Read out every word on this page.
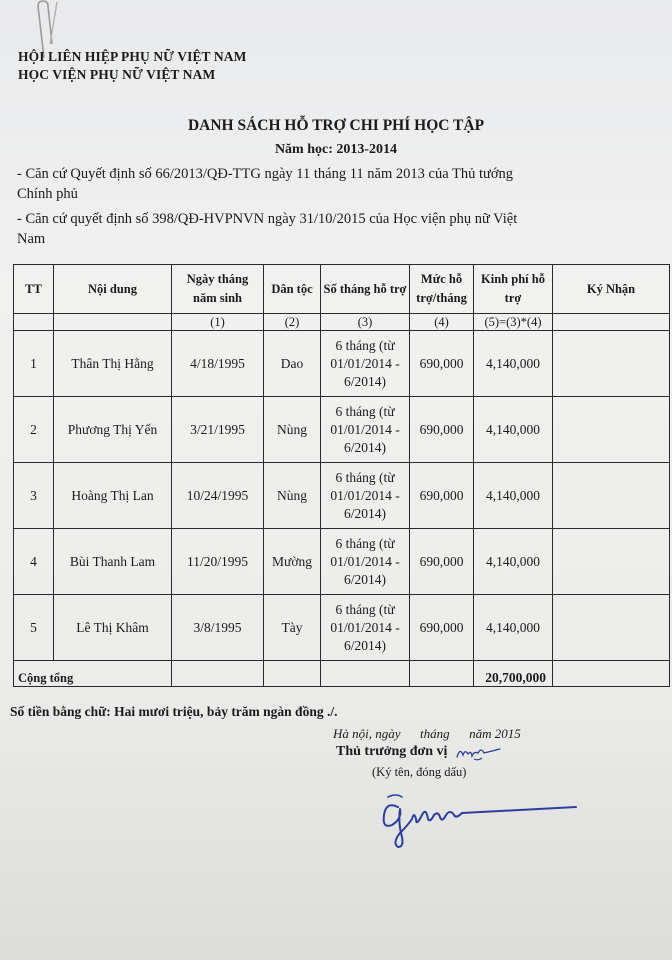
HỘI LIÊN HIỆP PHỤ NỮ VIỆT NAM
HỌC VIỆN PHỤ NỮ VIỆT NAM
DANH SÁCH HỖ TRỢ CHI PHÍ HỌC TẬP
Năm học: 2013-2014
- Căn cứ Quyết định số 66/2013/QĐ-TTG ngày 11 tháng 11 năm 2013 của Thủ tướng Chính phủ
- Căn cứ quyết định số 398/QĐ-HVPNVN ngày 31/10/2015 của Học viện phụ nữ Việt Nam
TT	Nội dung	Ngày tháng năm sinh	Dân tộc	Số tháng hỗ trợ	Mức hỗ trợ/tháng	Kinh phí hỗ trợ	Ký Nhận
		(1)	(2)	(3)	(4)	(5)=(3)*(4)	
1	Thân Thị Hằng	4/18/1995	Dao	6 tháng (từ 01/01/2014 - 6/2014)	690,000	4,140,000	
2	Phương Thị Yến	3/21/1995	Nùng	6 tháng (từ 01/01/2014 - 6/2014)	690,000	4,140,000	
3	Hoàng Thị Lan	10/24/1995	Nùng	6 tháng (từ 01/01/2014 - 6/2014)	690,000	4,140,000	
4	Bùi Thanh Lam	11/20/1995	Mường	6 tháng (từ 01/01/2014 - 6/2014)	690,000	4,140,000	
5	Lê Thị Khâm	3/8/1995	Tày	6 tháng (từ 01/01/2014 - 6/2014)	690,000	4,140,000	
Cộng tổng						20,700,000	
Số tiền bằng chữ: Hai mươi triệu, bảy trăm ngàn đồng ./.
Hà nội, ngày      tháng      năm 2015
Thủ trưởng đơn vị
(Ký tên, đóng dấu)
